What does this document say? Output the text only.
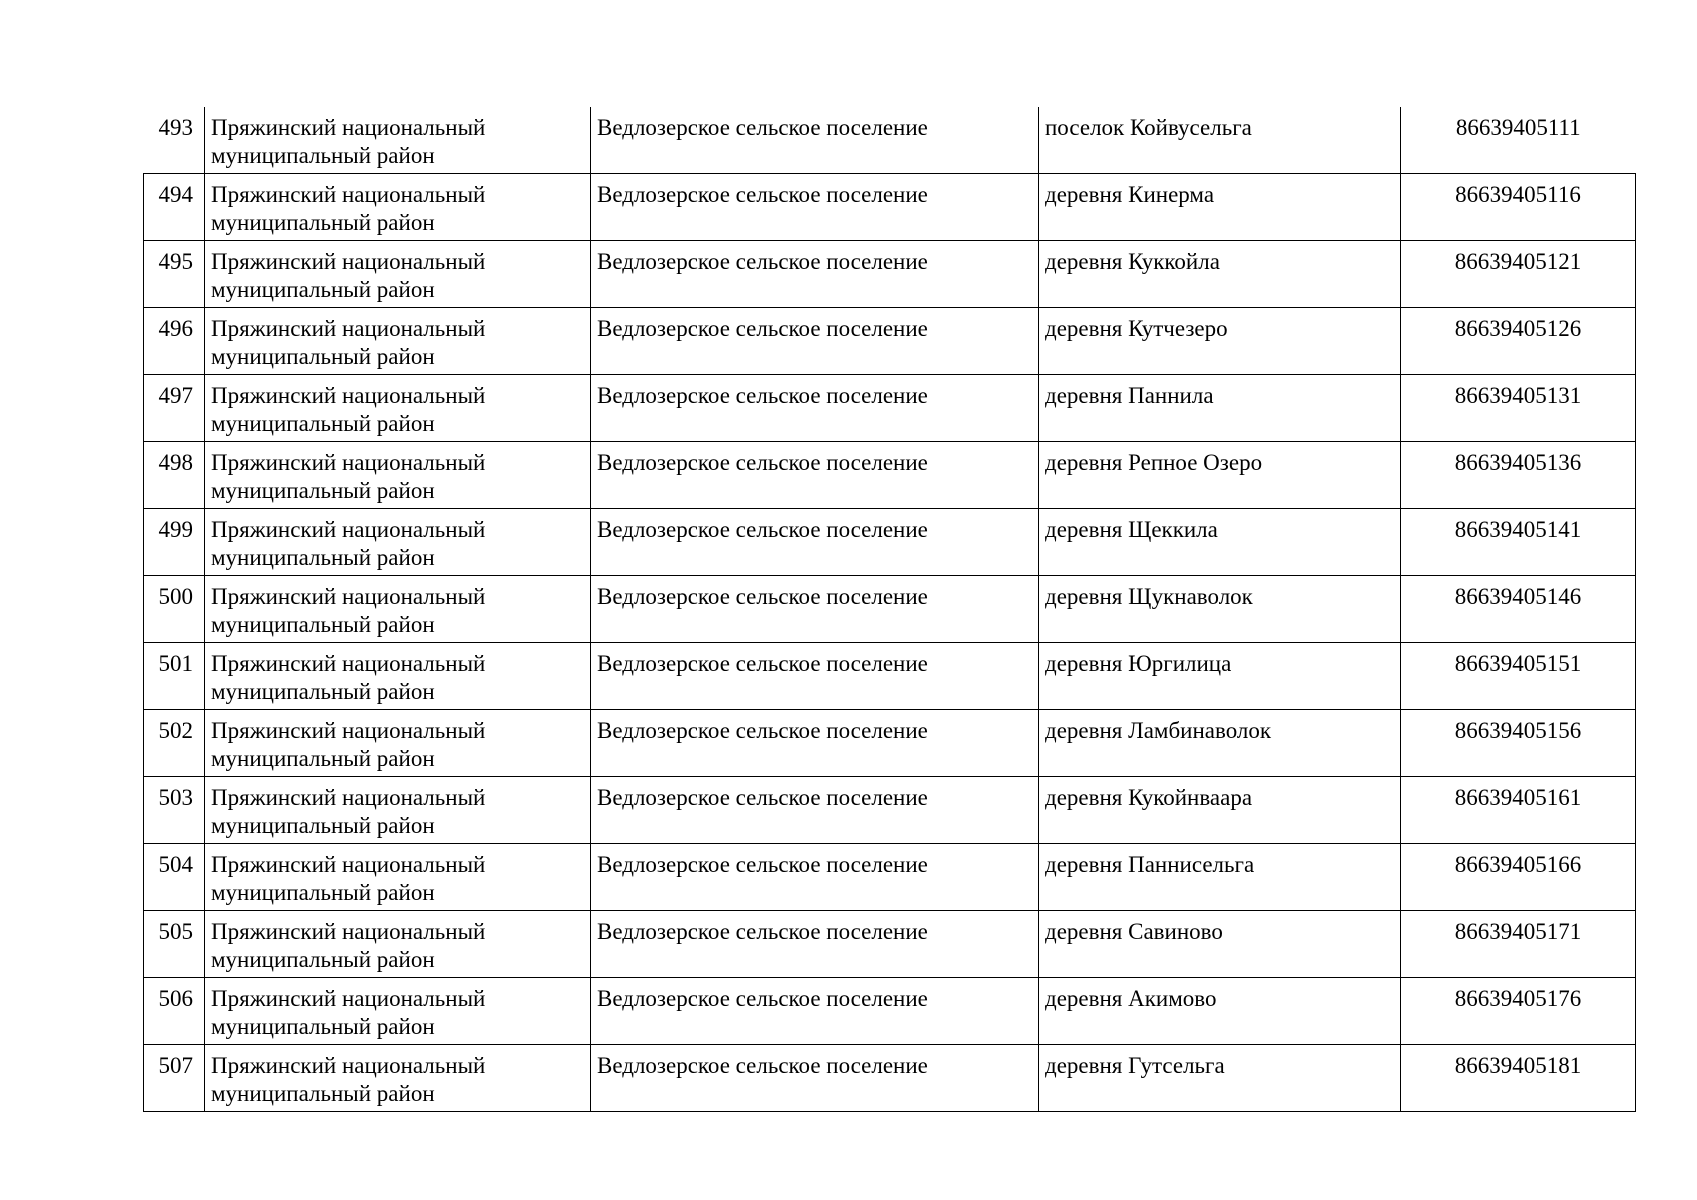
493	Пряжинский национальный
муниципальный район	Ведлозерское сельское поселение	поселок Койвусельга	86639405111
494	Пряжинский национальный
муниципальный район	Ведлозерское сельское поселение	деревня Кинерма	86639405116
495	Пряжинский национальный
муниципальный район	Ведлозерское сельское поселение	деревня Куккойла	86639405121
496	Пряжинский национальный
муниципальный район	Ведлозерское сельское поселение	деревня Кутчезеро	86639405126
497	Пряжинский национальный
муниципальный район	Ведлозерское сельское поселение	деревня Паннила	86639405131
498	Пряжинский национальный
муниципальный район	Ведлозерское сельское поселение	деревня Репное Озеро	86639405136
499	Пряжинский национальный
муниципальный район	Ведлозерское сельское поселение	деревня Щеккила	86639405141
500	Пряжинский национальный
муниципальный район	Ведлозерское сельское поселение	деревня Щукнаволок	86639405146
501	Пряжинский национальный
муниципальный район	Ведлозерское сельское поселение	деревня Юргилица	86639405151
502	Пряжинский национальный
муниципальный район	Ведлозерское сельское поселение	деревня Ламбинаволок	86639405156
503	Пряжинский национальный
муниципальный район	Ведлозерское сельское поселение	деревня Кукойнваара	86639405161
504	Пряжинский национальный
муниципальный район	Ведлозерское сельское поселение	деревня Паннисельга	86639405166
505	Пряжинский национальный
муниципальный район	Ведлозерское сельское поселение	деревня Савиново	86639405171
506	Пряжинский национальный
муниципальный район	Ведлозерское сельское поселение	деревня Акимово	86639405176
507	Пряжинский национальный
муниципальный район	Ведлозерское сельское поселение	деревня Гутсельга	86639405181
